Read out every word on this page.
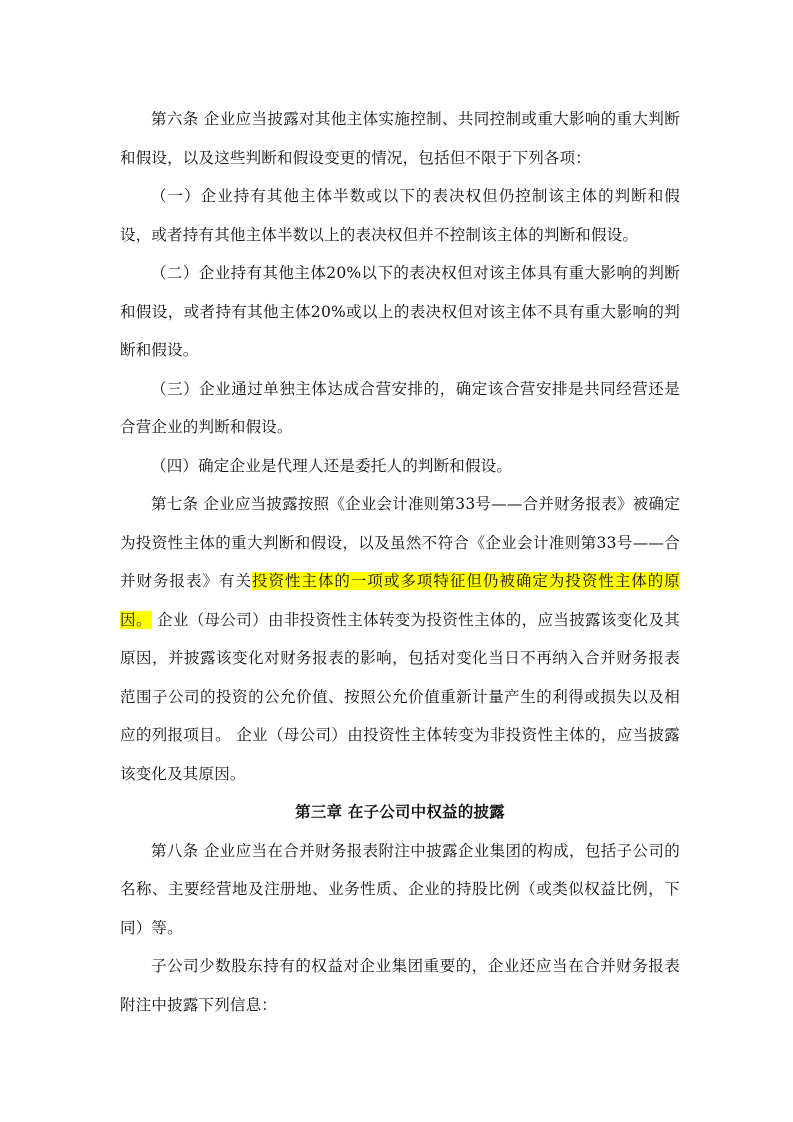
第六条 企业应当披露对其他主体实施控制、共同控制或重大影响的重大判断和假设，以及这些判断和假设变更的情况，包括但不限于下列各项：

（一）企业持有其他主体半数或以下的表决权但仍控制该主体的判断和假设，或者持有其他主体半数以上的表决权但并不控制该主体的判断和假设。

（二）企业持有其他主体20%以下的表决权但对该主体具有重大影响的判断和假设，或者持有其他主体20%或以上的表决权但对该主体不具有重大影响的判断和假设。

（三）企业通过单独主体达成合营安排的，确定该合营安排是共同经营还是合营企业的判断和假设。

（四）确定企业是代理人还是委托人的判断和假设。

第七条 企业应当披露按照《企业会计准则第33号——合并财务报表》被确定为投资性主体的重大判断和假设，以及虽然不符合《企业会计准则第33号——合并财务报表》有关投资性主体的一项或多项特征但仍被确定为投资性主体的原因。 企业（母公司）由非投资性主体转变为投资性主体的，应当披露该变化及其原因，并披露该变化对财务报表的影响，包括对变化当日不再纳入合并财务报表范围子公司的投资的公允价值、按照公允价值重新计量产生的利得或损失以及相应的列报项目。 企业（母公司）由投资性主体转变为非投资性主体的，应当披露该变化及其原因。

第三章 在子公司中权益的披露

第八条 企业应当在合并财务报表附注中披露企业集团的构成，包括子公司的名称、主要经营地及注册地、业务性质、企业的持股比例（或类似权益比例，下同）等。

子公司少数股东持有的权益对企业集团重要的，企业还应当在合并财务报表附注中披露下列信息：
